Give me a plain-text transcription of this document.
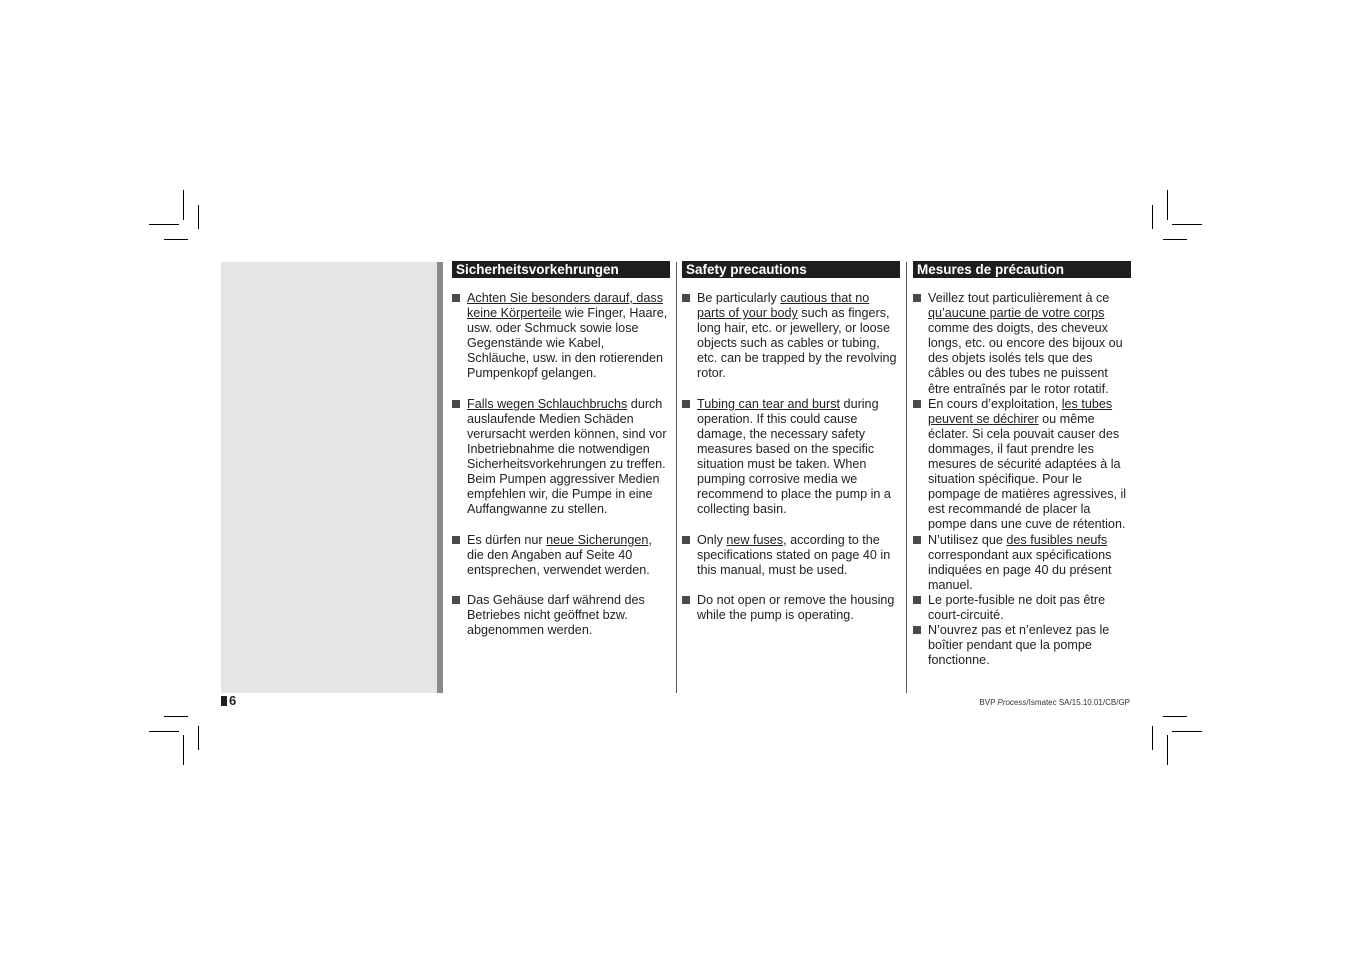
Sicherheitsvorkehrungen
Achten Sie besonders darauf, dass keine Körperteile wie Finger, Haare, usw. oder Schmuck sowie lose Gegenstände wie Kabel, Schläuche, usw. in den rotierenden Pumpenkopf gelangen.
Falls wegen Schlauchbruchs durch auslaufende Medien Schäden verursacht werden können, sind vor Inbetriebnahme die notwendigen Sicherheitsvorkehrungen zu treffen. Beim Pumpen aggressiver Medien empfehlen wir, die Pumpe in eine Auffangwanne zu stellen.
Es dürfen nur neue Sicherungen, die den Angaben auf Seite 40 entsprechen, verwendet werden.
Das Gehäuse darf während des Betriebes nicht geöffnet bzw. abgenommen werden.
Safety precautions
Be particularly cautious that no parts of your body such as fingers, long hair, etc. or jewellery, or loose objects such as cables or tubing, etc. can be trapped by the revolving rotor.
Tubing can tear and burst during operation. If this could cause damage, the necessary safety measures based on the specific situation must be taken. When pumping corrosive media we recommend to place the pump in a collecting basin.
Only new fuses, according to the specifications stated on page 40 in this manual, must be used.
Do not open or remove the housing while the pump is operating.
Mesures de précaution
Veillez tout particulièrement à ce qu’aucune partie de votre corps comme des doigts, des cheveux longs, etc. ou encore des bijoux ou des objets isolés tels que des câbles ou des tubes ne puissent être entraînés par le rotor rotatif.
En cours d’exploitation, les tubes peuvent se déchirer ou même éclater. Si cela pouvait causer des dommages, il faut prendre les mesures de sécurité adaptées à la situation spécifique. Pour le pompage de matières agressives, il est recommandé de placer la pompe dans une cuve de rétention.
N’utilisez que des fusibles neufs correspondant aux spécifications indiquées en page 40 du présent manuel.
Le porte-fusible ne doit pas être court-circuité.
N’ouvrez pas et n’enlevez pas le boîtier pendant que la pompe fonctionne.
6	BVP Process/Ismatec SA/15.10.01/CB/GP
